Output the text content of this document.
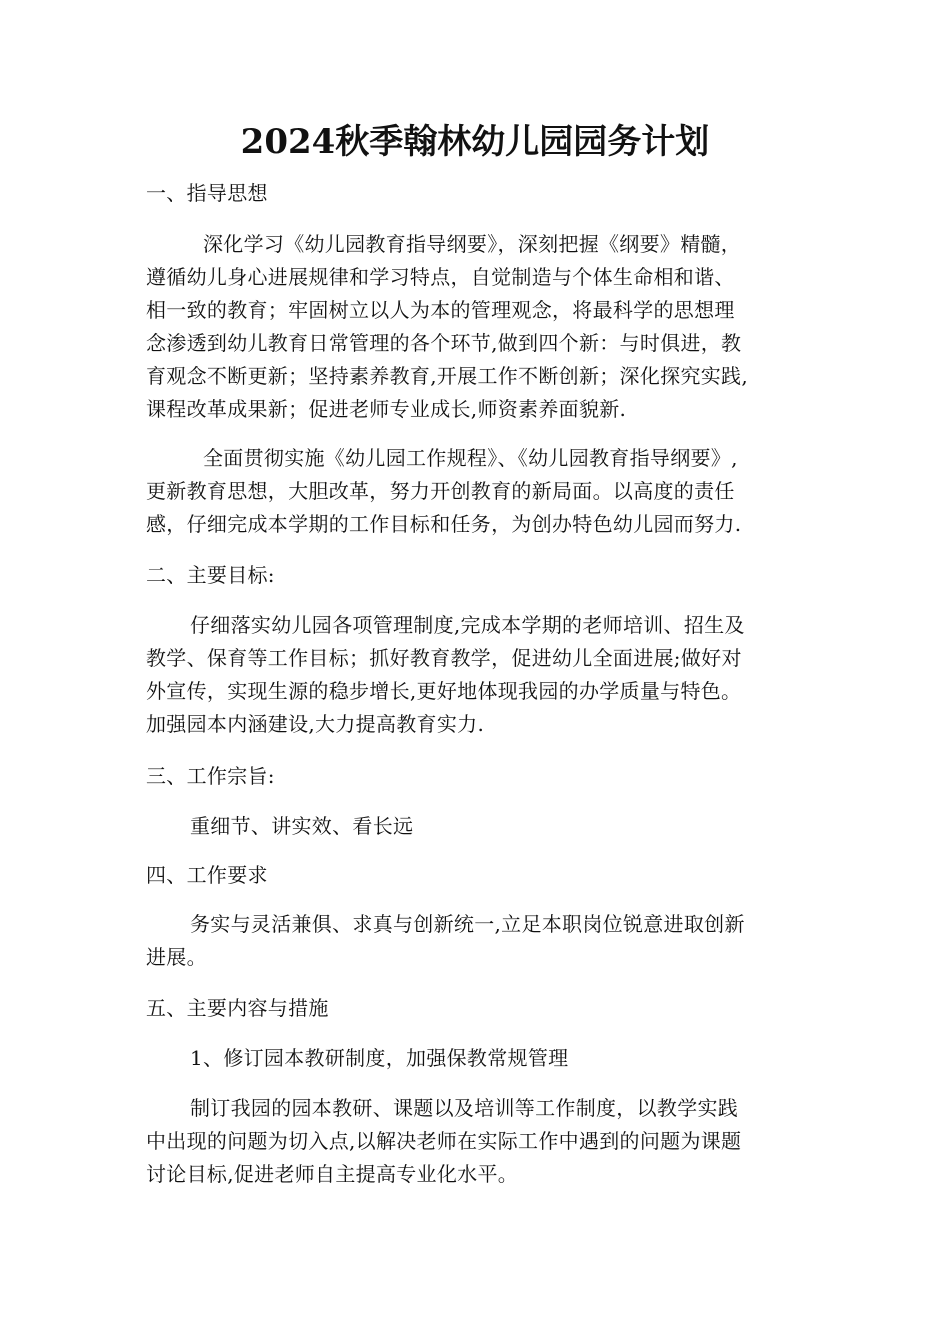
2024秋季翰林幼儿园园务计划
一、指导思想
深化学习《幼儿园教育指导纲要》，深刻把握《纲要》精髓，
遵循幼儿身心进展规律和学习特点，自觉制造与个体生命相和谐、
相一致的教育；牢固树立以人为本的管理观念，将最科学的思想理
念渗透到幼儿教育日常管理的各个环节,做到四个新：与时俱进，教
育观念不断更新；坚持素养教育,开展工作不断创新；深化探究实践,
课程改革成果新；促进老师专业成长,师资素养面貌新.
全面贯彻实施《幼儿园工作规程》、《幼儿园教育指导纲要》,
更新教育思想，大胆改革，努力开创教育的新局面。以高度的责任
感，仔细完成本学期的工作目标和任务，为创办特色幼儿园而努力.
二、主要目标:
仔细落实幼儿园各项管理制度,完成本学期的老师培训、招生及
教学、保育等工作目标；抓好教育教学，促进幼儿全面进展;做好对
外宣传，实现生源的稳步增长,更好地体现我园的办学质量与特色。
加强园本内涵建设,大力提高教育实力.
三、工作宗旨:
重细节、讲实效、看长远
四、工作要求
务实与灵活兼俱、求真与创新统一,立足本职岗位锐意进取创新
进展。
五、主要内容与措施
1、修订园本教研制度，加强保教常规管理
制订我园的园本教研、课题以及培训等工作制度，以教学实践
中出现的问题为切入点,以解决老师在实际工作中遇到的问题为课题
讨论目标,促进老师自主提高专业化水平。
